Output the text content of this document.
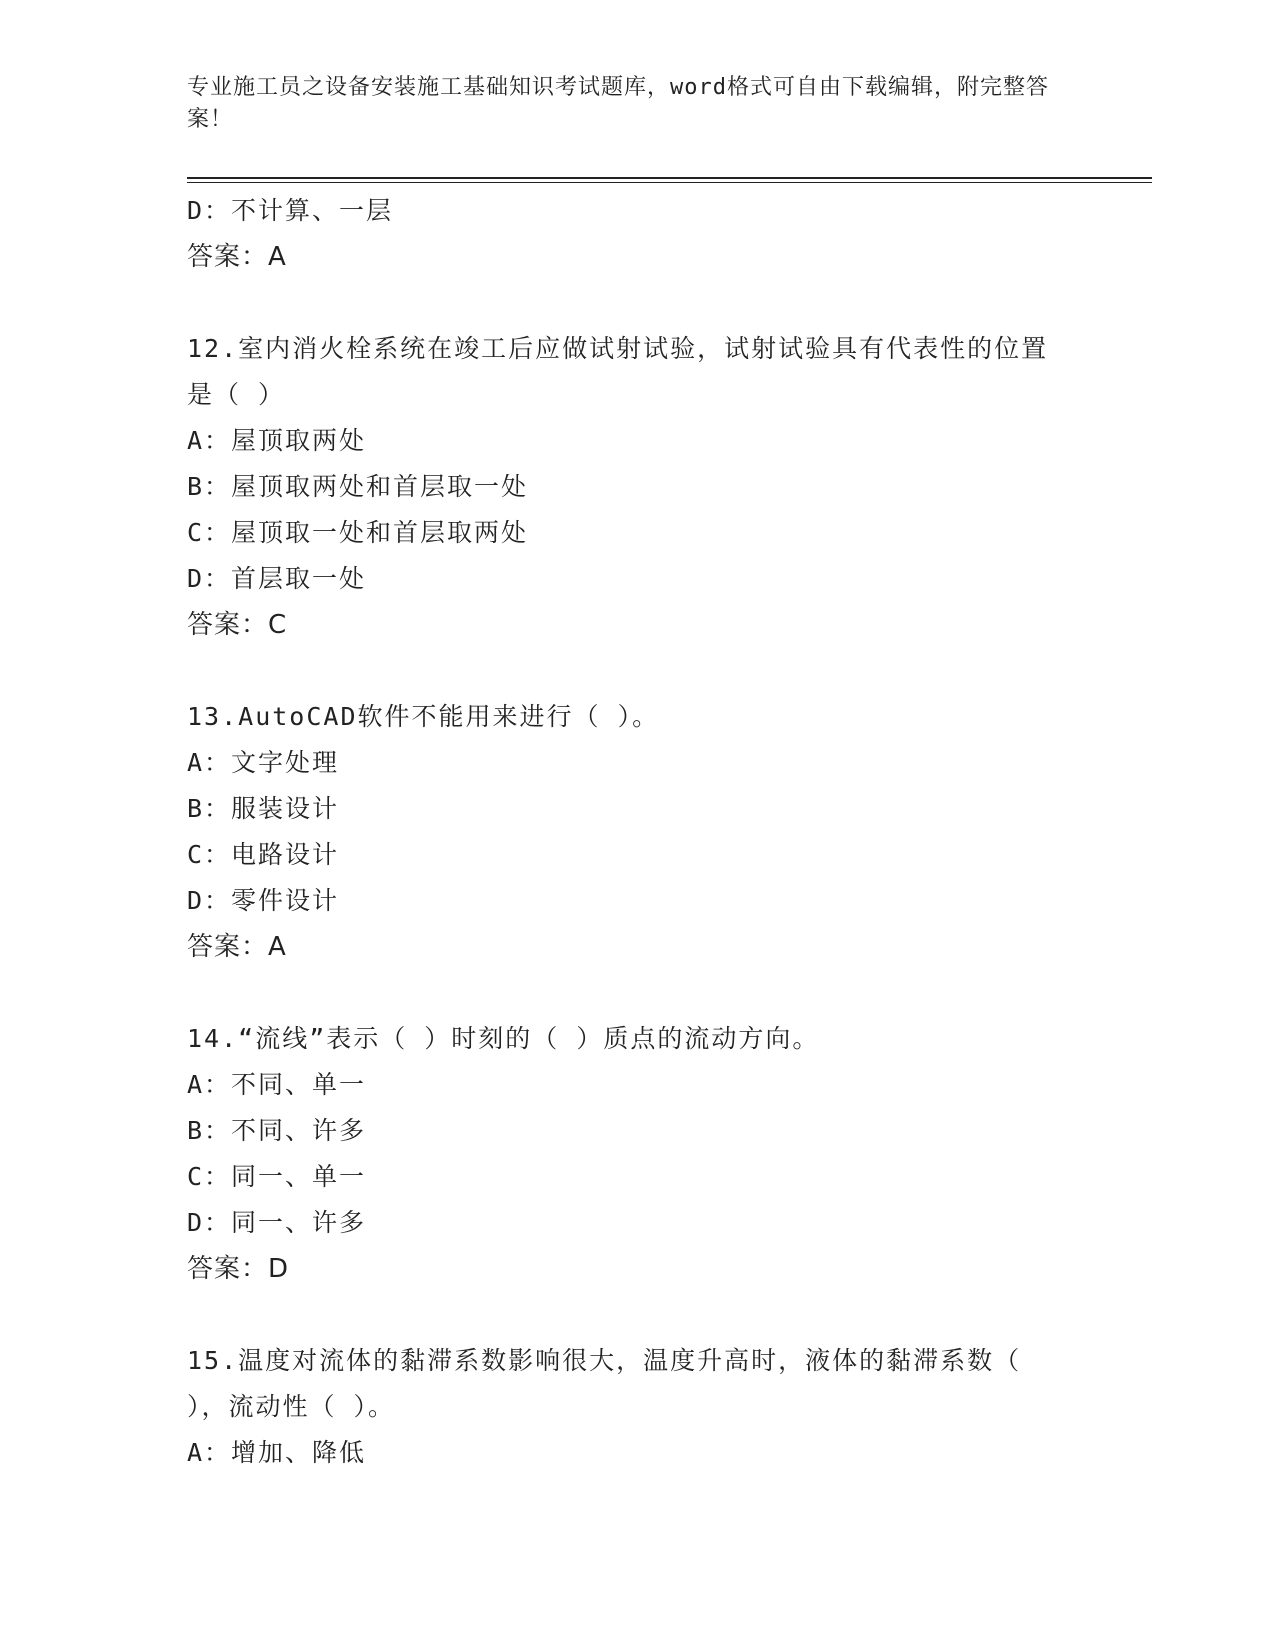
专业施工员之设备安装施工基础知识考试题库，word格式可自由下载编辑，附完整答案！
D：不计算、一层
答案：A
12.室内消火栓系统在竣工后应做试射试验，试射试验具有代表性的位置是（ ）
A：屋顶取两处
B：屋顶取两处和首层取一处
C：屋顶取一处和首层取两处
D：首层取一处
答案：C
13.AutoCAD软件不能用来进行（ ）。
A：文字处理
B：服装设计
C：电路设计
D：零件设计
答案：A
14.“流线”表示（ ）时刻的（ ）质点的流动方向。
A：不同、单一
B：不同、许多
C：同一、单一
D：同一、许多
答案：D
15.温度对流体的黏滞系数影响很大，温度升高时，液体的黏滞系数（ ），流动性（ ）。
A：增加、降低
